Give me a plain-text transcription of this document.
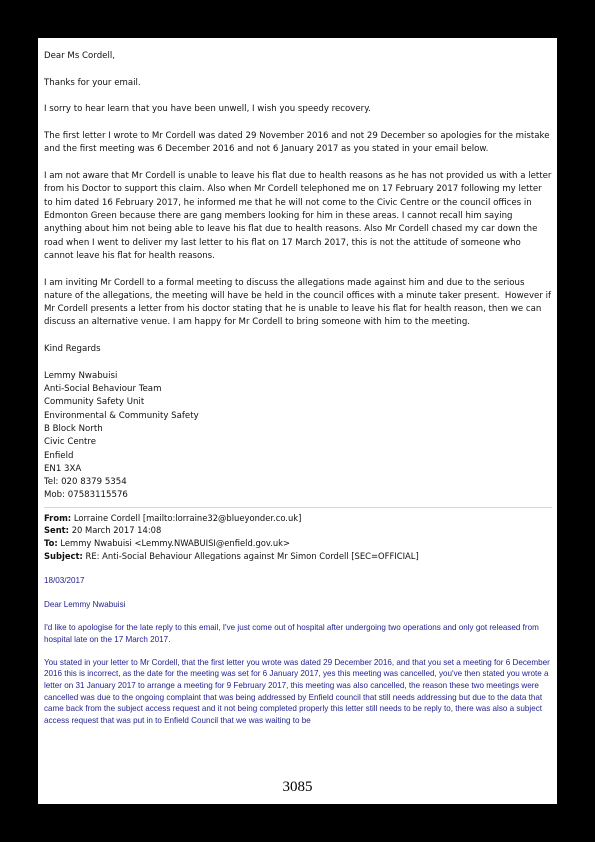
Dear Ms Cordell,

Thanks for your email.

I sorry to hear learn that you have been unwell, I wish you speedy recovery.

The first letter I wrote to Mr Cordell was dated 29 November 2016 and not 29 December so apologies for the mistake and the first meeting was 6 December 2016 and not 6 January 2017 as you stated in your email below.

I am not aware that Mr Cordell is unable to leave his flat due to health reasons as he has not provided us with a letter from his Doctor to support this claim. Also when Mr Cordell telephoned me on 17 February 2017 following my letter to him dated 16 February 2017, he informed me that he will not come to the Civic Centre or the council offices in Edmonton Green because there are gang members looking for him in these areas. I cannot recall him saying anything about him not being able to leave his flat due to health reasons. Also Mr Cordell chased my car down the road when I went to deliver my last letter to his flat on 17 March 2017, this is not the attitude of someone who cannot leave his flat for health reasons.

I am inviting Mr Cordell to a formal meeting to discuss the allegations made against him and due to the serious nature of the allegations, the meeting will have be held in the council offices with a minute taker present.  However if Mr Cordell presents a letter from his doctor stating that he is unable to leave his flat for health reason, then we can discuss an alternative venue. I am happy for Mr Cordell to bring someone with him to the meeting.

Kind Regards

Lemmy Nwabuisi
Anti-Social Behaviour Team
Community Safety Unit
Environmental & Community Safety
B Block North
Civic Centre
Enfield
EN1 3XA
Tel: 020 8379 5354
Mob: 07583115576
From: Lorraine Cordell [mailto:lorraine32@blueyonder.co.uk]
Sent: 20 March 2017 14:08
To: Lemmy Nwabuisi <Lemmy.NWABUISI@enfield.gov.uk>
Subject: RE: Anti-Social Behaviour Allegations against Mr Simon Cordell [SEC=OFFICIAL]

18/03/2017

Dear Lemmy Nwabuisi

I'd like to apologise for the late reply to this email, I've just come out of hospital after undergoing two operations and only got released from hospital late on the 17 March 2017.

You stated in your letter to Mr Cordell, that the first letter you wrote was dated 29 December 2016, and that you set a meeting for 6 December 2016 this is incorrect, as the date for the meeting was set for 6 January 2017, yes this meeting was cancelled, you've then stated you wrote a letter on 31 January 2017 to arrange a meeting for 9 February 2017, this meeting was also cancelled, the reason these two meetings were cancelled was due to the ongoing complaint that was being addressed by Enfield council that still needs addressing but due to the data that came back from the subject access request and it not being completed properly this letter still needs to be reply to, there was also a subject access request that was put in to Enfield Council that we was waiting to be

3085
